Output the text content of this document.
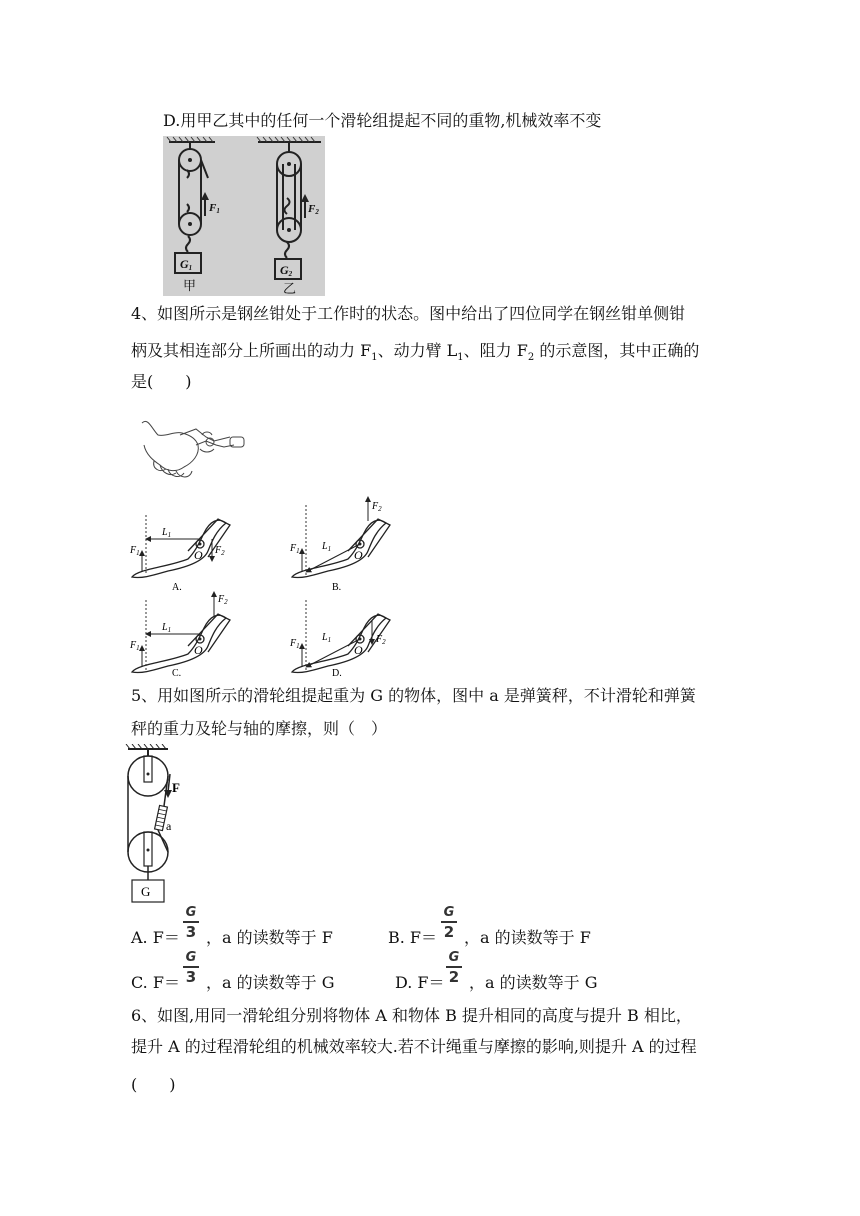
D.用甲乙其中的任何一个滑轮组提起不同的重物,机械效率不变
F1
G1
甲
F2
G2
乙
4、如图所示是钢丝钳处于工作时的状态。图中给出了四位同学在钢丝钳单侧钳
柄及其相连部分上所画出的动力 $F_1$、动力臂 $L_1$、阻力 $F_2$ 的示意图，其中正确的
是(　　)
$F_1$
$L_1$
$F_2$
O
A.
$F_1$ $L_1$
$F_2$
O
B.
$F_1$
$L_1$
$F_2$
O
C.
$F_1$
$L_1$	$F_2$
O
D.
5、用如图所示的滑轮组提起重为 G 的物体，图中 a 是弹簧秤，不计滑轮和弹簧
秤的重力及轮与轴的摩擦，则（　）
F
a
G
A. F＝
G
3 ，a 的读数等于 F	B. F＝
G
2 ，a 的读数等于 F
C. F＝
G
3 ，a 的读数等于 G	D. F＝
G
2 ，a 的读数等于 G
6、如图,用同一滑轮组分别将物体 A 和物体 B 提升相同的高度与提升 B 相比，
提升 A 的过程滑轮组的机械效率较大.若不计绳重与摩擦的影响,则提升 A 的过程
(　　)
